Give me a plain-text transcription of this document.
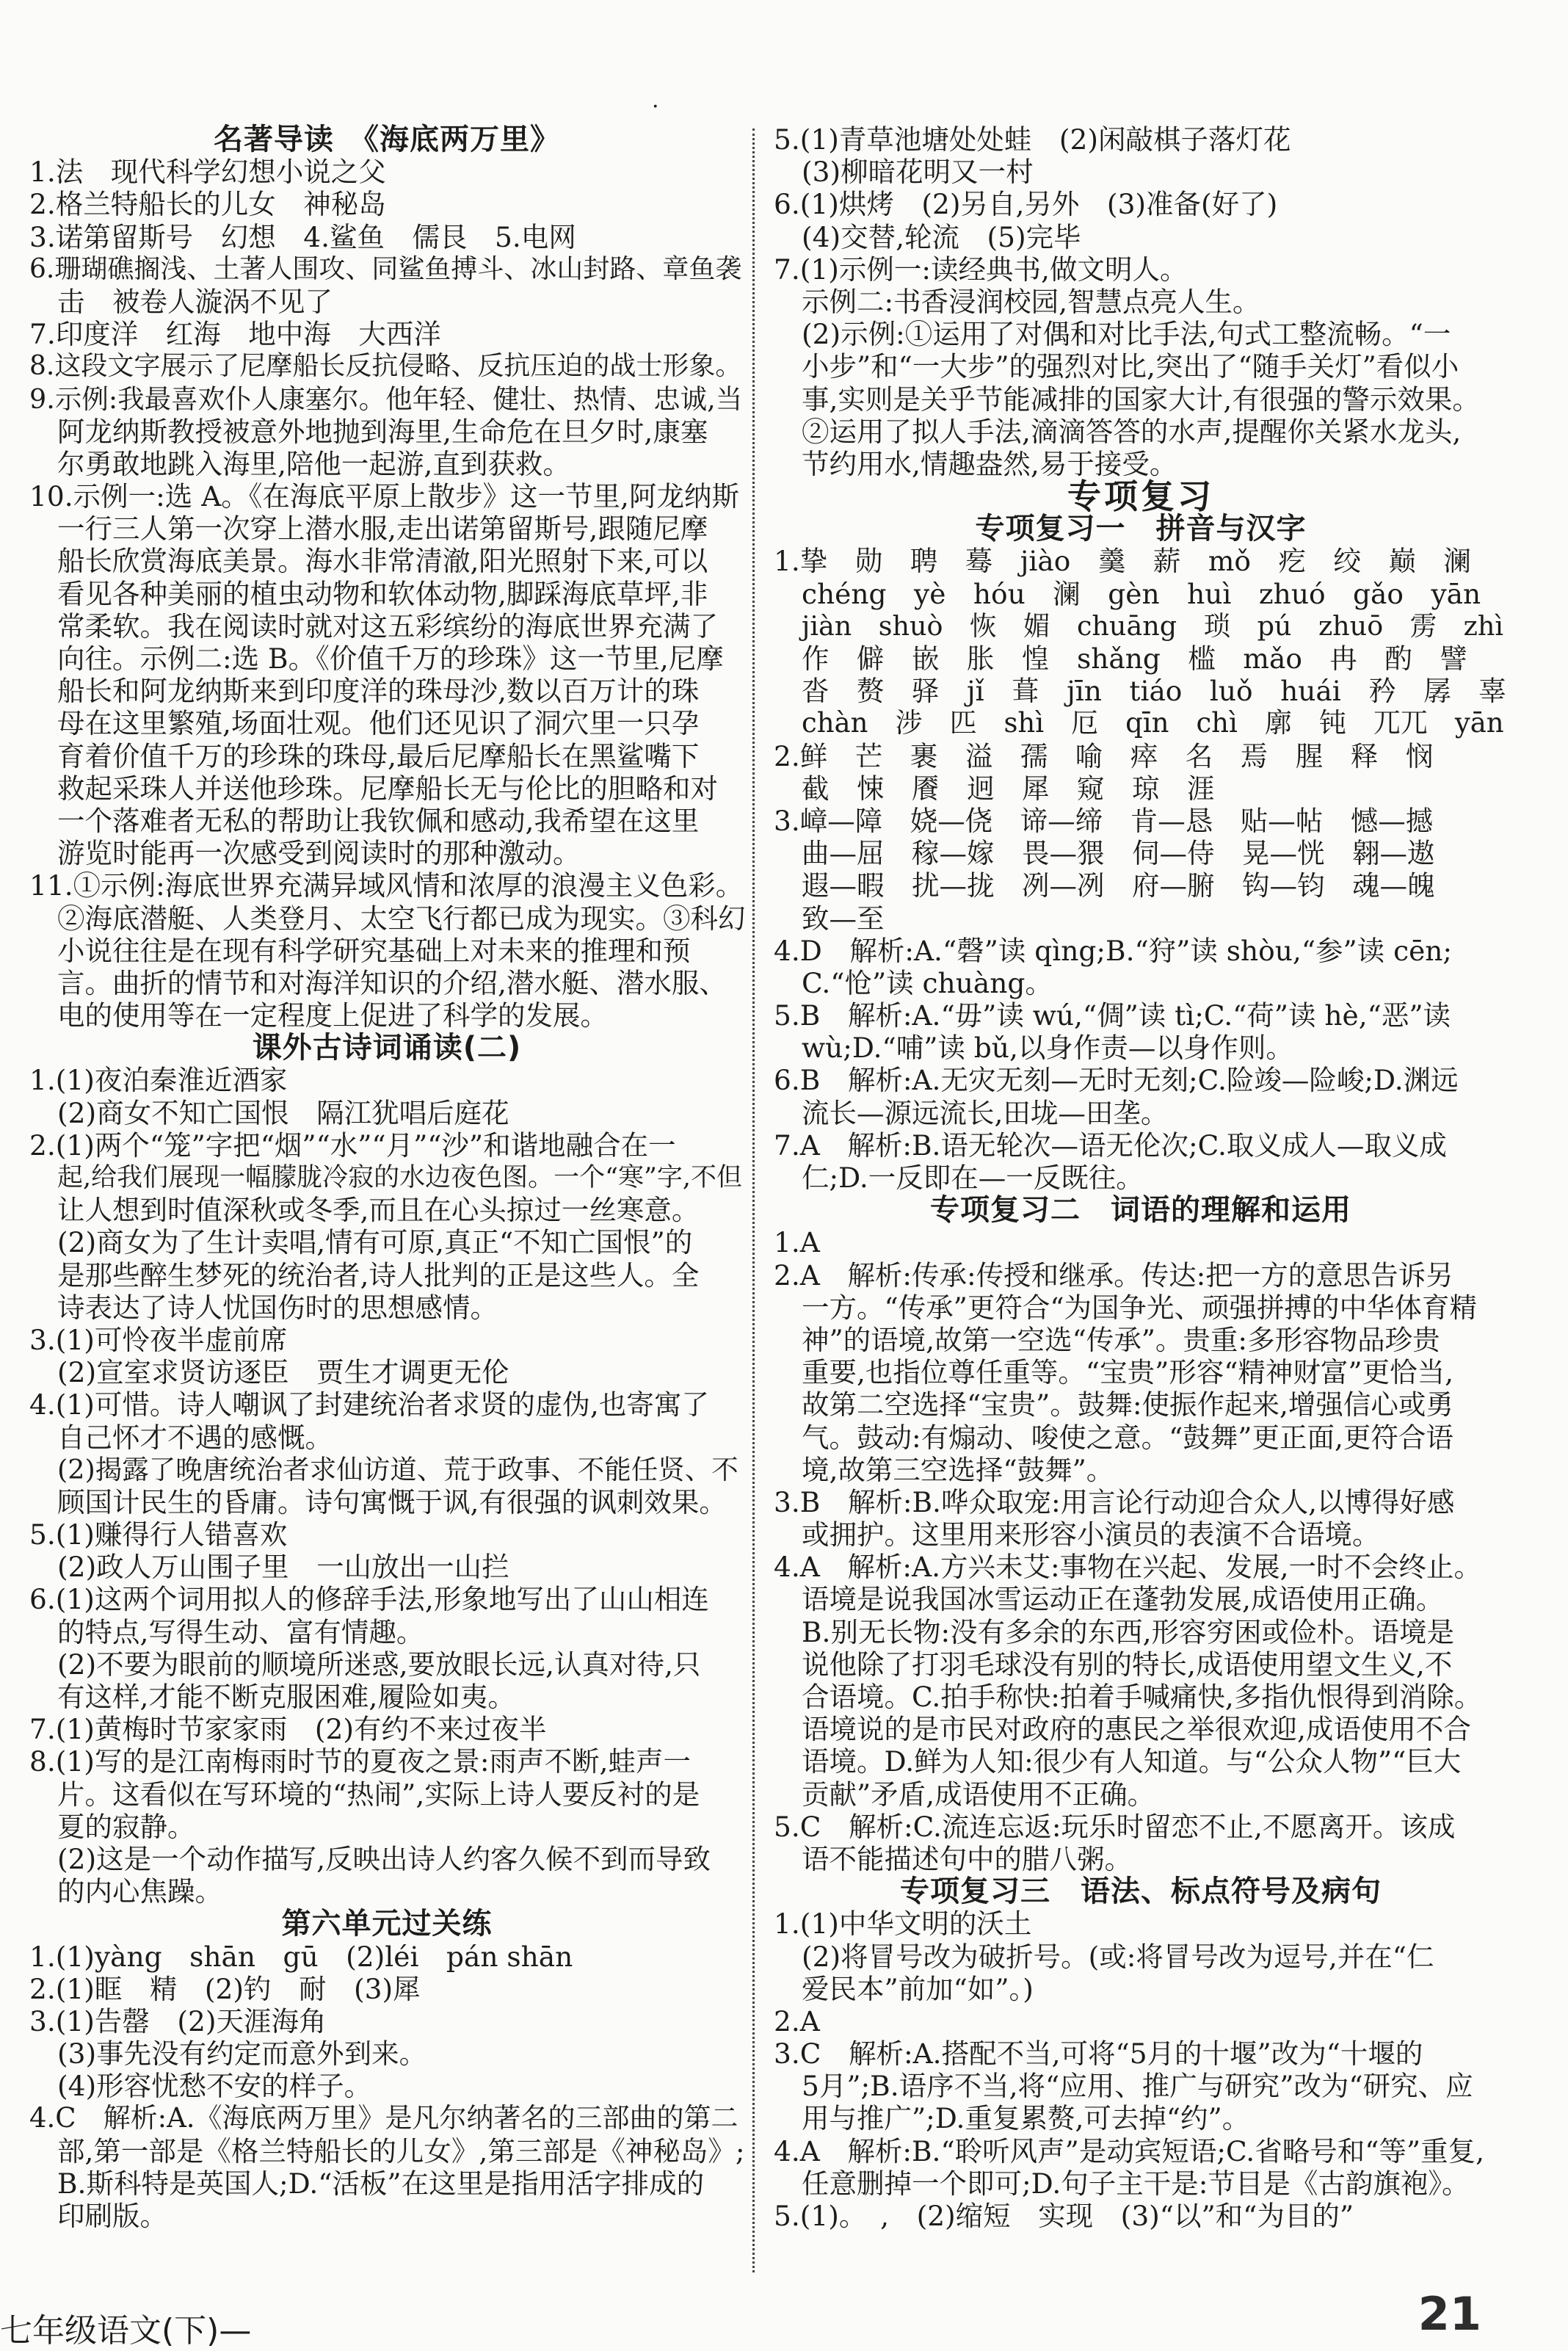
·
名著导读　《海底两万里》
1.法　现代科学幻想小说之父
2.格兰特船长的儿女　神秘岛
3.诺第留斯号　幻想　4.鲨鱼　儒艮　5.电网
6.珊瑚礁搁浅、土著人围攻、同鲨鱼搏斗、冰山封路、章鱼袭
击　被卷人漩涡不见了
7.印度洋　红海　地中海　大西洋
8.这段文字展示了尼摩船长反抗侵略、反抗压迫的战士形象。
9.示例:我最喜欢仆人康塞尔。他年轻、健壮、热情、忠诚,当
阿龙纳斯教授被意外地抛到海里,生命危在旦夕时,康塞
尔勇敢地跳入海里,陪他一起游,直到获救。
10.示例一:选 A。《在海底平原上散步》这一节里,阿龙纳斯
一行三人第一次穿上潜水服,走出诺第留斯号,跟随尼摩
船长欣赏海底美景。海水非常清澈,阳光照射下来,可以
看见各种美丽的植虫动物和软体动物,脚踩海底草坪,非
常柔软。我在阅读时就对这五彩缤纷的海底世界充满了
向往。示例二:选 B。《价值千万的珍珠》这一节里,尼摩
船长和阿龙纳斯来到印度洋的珠母沙,数以百万计的珠
母在这里繁殖,场面壮观。他们还见识了洞穴里一只孕
育着价值千万的珍珠的珠母,最后尼摩船长在黑鲨嘴下
救起采珠人并送他珍珠。尼摩船长无与伦比的胆略和对
一个落难者无私的帮助让我钦佩和感动,我希望在这里
游览时能再一次感受到阅读时的那种激动。
11.①示例:海底世界充满异域风情和浓厚的浪漫主义色彩。
②海底潜艇、人类登月、太空飞行都已成为现实。③科幻
小说往往是在现有科学研究基础上对未来的推理和预
言。曲折的情节和对海洋知识的介绍,潜水艇、潜水服、
电的使用等在一定程度上促进了科学的发展。
课外古诗词诵读(二)
1.(1)夜泊秦淮近酒家
(2)商女不知亡国恨　隔江犹唱后庭花
2.(1)两个“笼”字把“烟”“水”“月”“沙”和谐地融合在一
起,给我们展现一幅朦胧冷寂的水边夜色图。一个“寒”字,不但
让人想到时值深秋或冬季,而且在心头掠过一丝寒意。
(2)商女为了生计卖唱,情有可原,真正“不知亡国恨”的
是那些醉生梦死的统治者,诗人批判的正是这些人。全
诗表达了诗人忧国伤时的思想感情。
3.(1)可怜夜半虚前席
(2)宣室求贤访逐臣　贾生才调更无伦
4.(1)可惜。诗人嘲讽了封建统治者求贤的虚伪,也寄寓了
自己怀才不遇的感慨。
(2)揭露了晚唐统治者求仙访道、荒于政事、不能任贤、不
顾国计民生的昏庸。诗句寓慨于讽,有很强的讽刺效果。
5.(1)赚得行人错喜欢
(2)政人万山围子里　一山放出一山拦
6.(1)这两个词用拟人的修辞手法,形象地写出了山山相连
的特点,写得生动、富有情趣。
(2)不要为眼前的顺境所迷惑,要放眼长远,认真对待,只
有这样,才能不断克服困难,履险如夷。
7.(1)黄梅时节家家雨　(2)有约不来过夜半
8.(1)写的是江南梅雨时节的夏夜之景:雨声不断,蛙声一
片。这看似在写环境的“热闹”,实际上诗人要反衬的是
夏的寂静。
(2)这是一个动作描写,反映出诗人约客久候不到而导致
的内心焦躁。
第六单元过关练
1.(1)yàng　shān　gū　(2)léi　pán shān
2.(1)眶　精　(2)钓　耐　(3)犀
3.(1)告罄　(2)天涯海角
(3)事先没有约定而意外到来。
(4)形容忧愁不安的样子。
4.C　解析:A.《海底两万里》是凡尔纳著名的三部曲的第二
部,第一部是《格兰特船长的儿女》,第三部是《神秘岛》;
B.斯科特是英国人;D.“活板”在这里是指用活字排成的
印刷版。
5.(1)青草池塘处处蛙　(2)闲敲棋子落灯花
(3)柳暗花明又一村
6.(1)烘烤　(2)另自,另外　(3)准备(好了)
(4)交替,轮流　(5)完毕
7.(1)示例一:读经典书,做文明人。
示例二:书香浸润校园,智慧点亮人生。
(2)示例:①运用了对偶和对比手法,句式工整流畅。“一
小步”和“一大步”的强烈对比,突出了“随手关灯”看似小
事,实则是关乎节能减排的国家大计,有很强的警示效果。
②运用了拟人手法,滴滴答答的水声,提醒你关紧水龙头,
节约用水,情趣盎然,易于接受。
专项复习
专项复习一　拼音与汉字
1.挚　勋　聘　蓦　jiào　羹　薪　mǒ　疙　绞　巅　澜
chéng　yè　hóu　澜　gèn　huì　zhuó　gǎo　yān
jiàn　shuò　恢　媚　chuāng　琐　pú　zhuō　雳　zhì
作　僻　嵌　胀　惶　shǎng　槛　mǎo　冉　酌　譬
沓　赘　驿　jǐ　葺　jīn　tiáo　luǒ　huái　矜　孱　辜
chàn　涉　匹　shì　厄　qīn　chì　廓　钝　兀兀　yān
2.鲜　芒　裹　溢　孺　喻　瘁　名　焉　腥　释　悯
截　悚　餍　迥　犀　窥　琼　涯
3.嶂—障　娆—侥　谛—缔　肯—恳　贴—帖　憾—撼
曲—屈　稼—嫁　畏—猥　伺—侍　晃—恍　翱—遨
遐—暇　扰—拢　冽—冽　府—腑　钩—钧　魂—魄
致—至
4.D　解析:A.“磬”读 qìng;B.“狩”读 shòu,“参”读 cēn;
C.“怆”读 chuàng。
5.B　解析:A.“毋”读 wú,“倜”读 tì;C.“荷”读 hè,“恶”读
wù;D.“哺”读 bǔ,以身作责—以身作则。
6.B　解析:A.无灾无刻—无时无刻;C.险竣—险峻;D.渊远
流长—源远流长,田垅—田垄。
7.A　解析:B.语无轮次—语无伦次;C.取义成人—取义成
仁;D.一反即在—一反既往。
专项复习二　词语的理解和运用
1.A
2.A　解析:传承:传授和继承。传达:把一方的意思告诉另
一方。“传承”更符合“为国争光、顽强拼搏的中华体育精
神”的语境,故第一空选“传承”。贵重:多形容物品珍贵
重要,也指位尊任重等。“宝贵”形容“精神财富”更恰当,
故第二空选择“宝贵”。鼓舞:使振作起来,增强信心或勇
气。鼓动:有煽动、唆使之意。“鼓舞”更正面,更符合语
境,故第三空选择“鼓舞”。
3.B　解析:B.哗众取宠:用言论行动迎合众人,以博得好感
或拥护。这里用来形容小演员的表演不合语境。
4.A　解析:A.方兴未艾:事物在兴起、发展,一时不会终止。
语境是说我国冰雪运动正在蓬勃发展,成语使用正确。
B.别无长物:没有多余的东西,形容穷困或俭朴。语境是
说他除了打羽毛球没有别的特长,成语使用望文生义,不
合语境。C.拍手称快:拍着手喊痛快,多指仇恨得到消除。
语境说的是市民对政府的惠民之举很欢迎,成语使用不合
语境。D.鲜为人知:很少有人知道。与“公众人物”“巨大
贡献”矛盾,成语使用不正确。
5.C　解析:C.流连忘返:玩乐时留恋不止,不愿离开。该成
语不能描述句中的腊八粥。
专项复习三　语法、标点符号及病句
1.(1)中华文明的沃土
(2)将冒号改为破折号。(或:将冒号改为逗号,并在“仁
爱民本”前加“如”。)
2.A
3.C　解析:A.搭配不当,可将“5月的十堰”改为“十堰的
5月”;B.语序不当,将“应用、推广与研究”改为“研究、应
用与推广”;D.重复累赘,可去掉“约”。
4.A　解析:B.“聆听风声”是动宾短语;C.省略号和“等”重复,
任意删掉一个即可;D.句子主干是:节目是《古韵旗袍》。
5.(1)。　,　(2)缩短　实现　(3)“以”和“为目的”
七年级语文(下)—	21
